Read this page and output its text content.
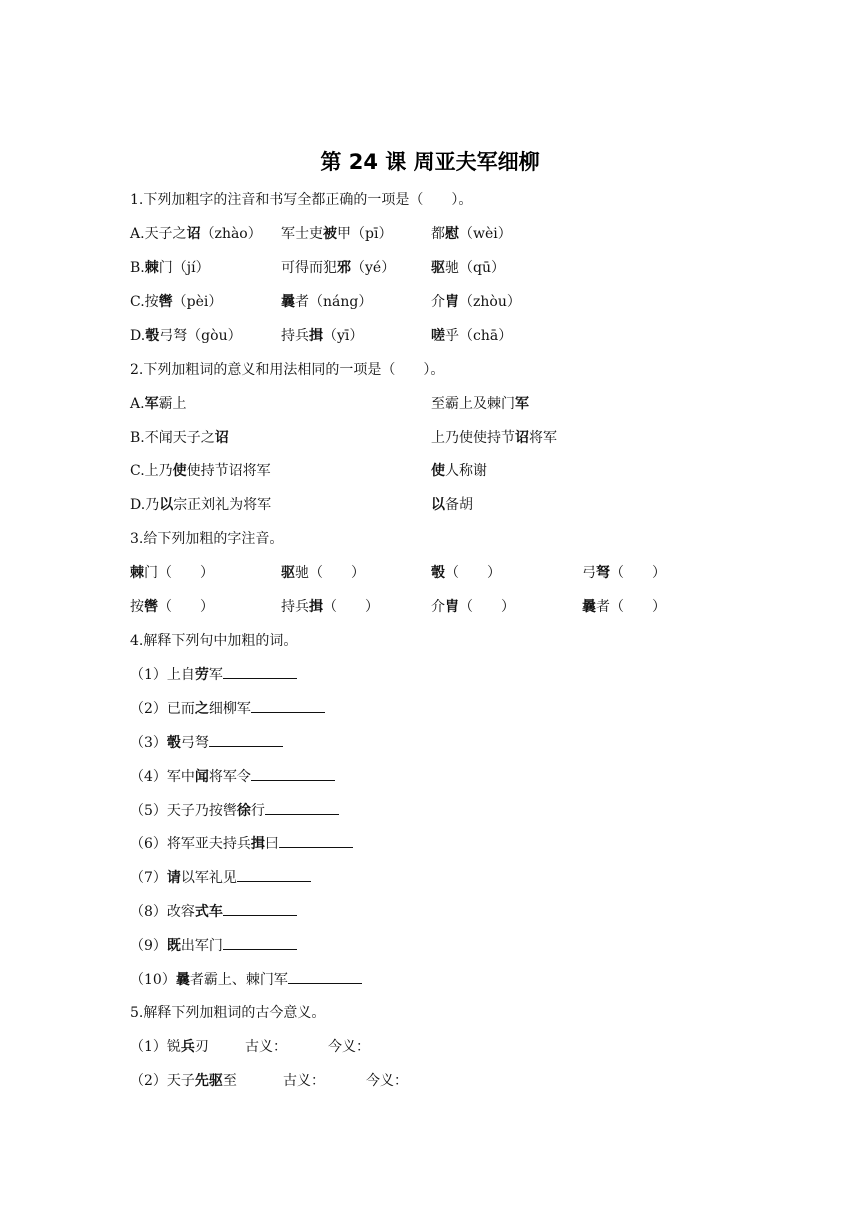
第 24 课 周亚夫军细柳
1.下列加粗字的注音和书写全都正确的一项是（　　）。
A.天子之诏（zhào） 军士吏被甲（pī）	都慰（wèi）
B.棘门（jí）	可得而犯邪（yé）	驱驰（qū）
C.按辔（pèi）	曩者（náng）	介胄（zhòu）
D.彀弓弩（gòu）	持兵揖（yī）	嗟乎（chā）
2.下列加粗词的意义和用法相同的一项是（　　）。
A.军霸上	至霸上及棘门军
B.不闻天子之诏	上乃使使持节诏将军
C.上乃使使持节诏将军	使人称谢
D.乃以宗正刘礼为将军	以备胡
3.给下列加粗的字注音。
棘门（　　）	驱驰（　　）	彀（　　）	弓弩（　　）
按辔（　　）	持兵揖（　　）	介胄（　　）	曩者（　　）
4.解释下列句中加粗的词。
（1）上自劳军
（2）已而之细柳军
（3）彀弓弩
（4）军中闻将军令
（5）天子乃按辔徐行
（6）将军亚夫持兵揖曰
（7）请以军礼见
（8）改容式车
（9）既出军门
（10）曩者霸上、棘门军
5.解释下列加粗词的古今意义。
（1）锐兵刃	古义：	今义：
（2）天子先驱至	古义：	今义：
